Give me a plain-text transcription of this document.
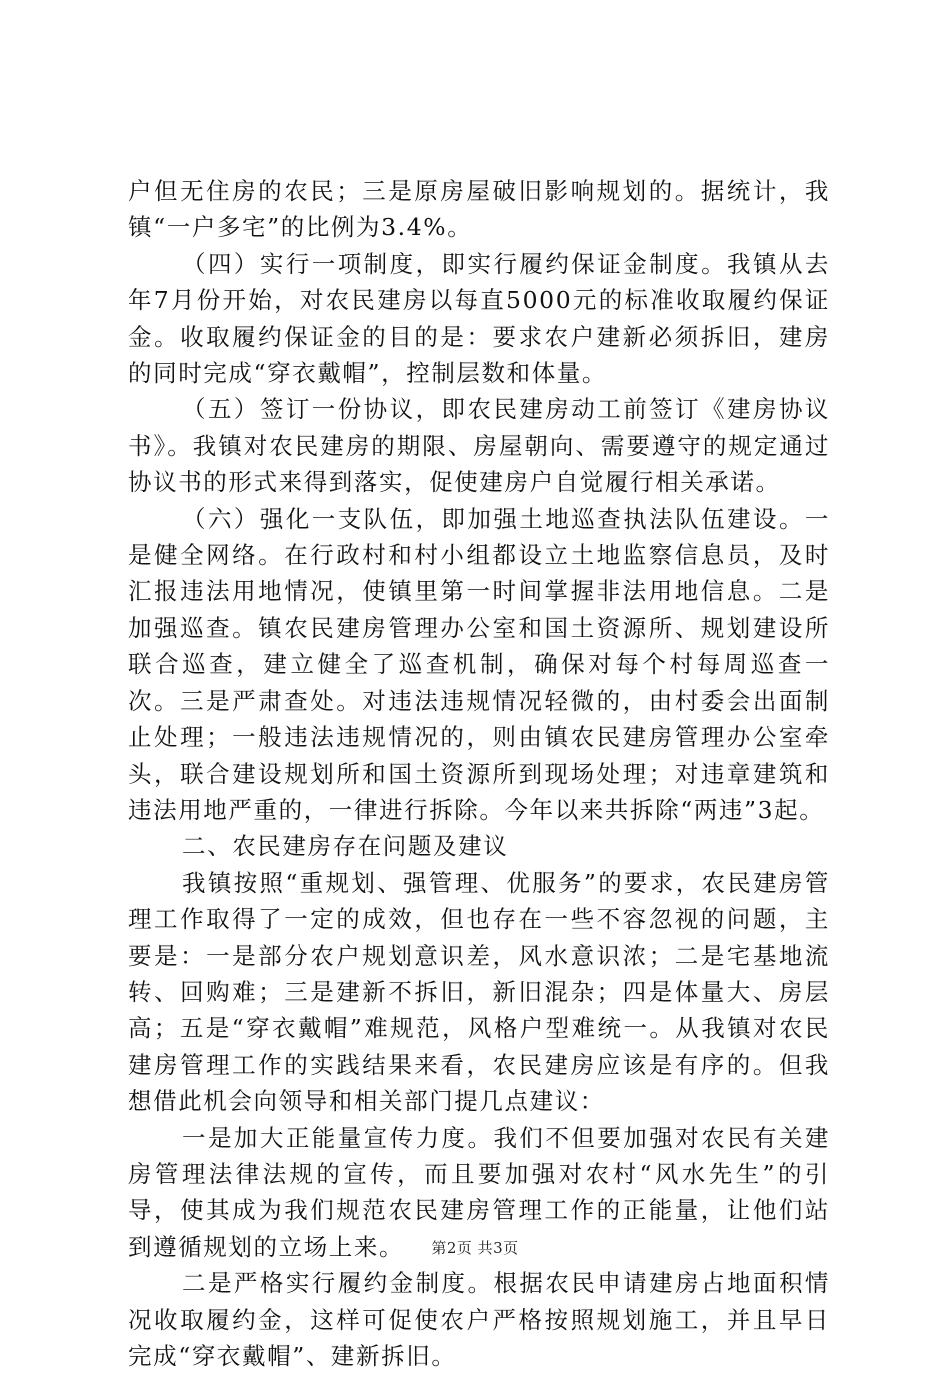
户但无住房的农民；三是原房屋破旧影响规划的。据统计，我镇“一户多宅”的比例为3.4%。

（四）实行一项制度，即实行履约保证金制度。我镇从去年7月份开始，对农民建房以每直5000元的标准收取履约保证金。收取履约保证金的目的是：要求农户建新必须拆旧，建房的同时完成“穿衣戴帽”，控制层数和体量。

（五）签订一份协议，即农民建房动工前签订《建房协议书》。我镇对农民建房的期限、房屋朝向、需要遵守的规定通过协议书的形式来得到落实，促使建房户自觉履行相关承诺。

（六）强化一支队伍，即加强土地巡查执法队伍建设。一是健全网络。在行政村和村小组都设立土地监察信息员，及时汇报违法用地情况，使镇里第一时间掌握非法用地信息。二是加强巡查。镇农民建房管理办公室和国土资源所、规划建设所联合巡查，建立健全了巡查机制，确保对每个村每周巡查一次。三是严肃查处。对违法违规情况轻微的，由村委会出面制止处理；一般违法违规情况的，则由镇农民建房管理办公室牵头，联合建设规划所和国土资源所到现场处理；对违章建筑和违法用地严重的，一律进行拆除。今年以来共拆除“两违”3起。

二、农民建房存在问题及建议

我镇按照“重规划、强管理、优服务”的要求，农民建房管理工作取得了一定的成效，但也存在一些不容忽视的问题，主要是：一是部分农户规划意识差，风水意识浓；二是宅基地流转、回购难；三是建新不拆旧，新旧混杂；四是体量大、房层高；五是“穿衣戴帽”难规范，风格户型难统一。从我镇对农民建房管理工作的实践结果来看，农民建房应该是有序的。但我想借此机会向领导和相关部门提几点建议：

一是加大正能量宣传力度。我们不但要加强对农民有关建房管理法律法规的宣传，而且要加强对农村“风水先生”的引导，使其成为我们规范农民建房管理工作的正能量，让他们站到遵循规划的立场上来。

二是严格实行履约金制度。根据农民申请建房占地面积情况收取履约金，这样可促使农户严格按照规划施工，并且早日完成“穿衣戴帽”、建新拆旧。

第2页 共3页
